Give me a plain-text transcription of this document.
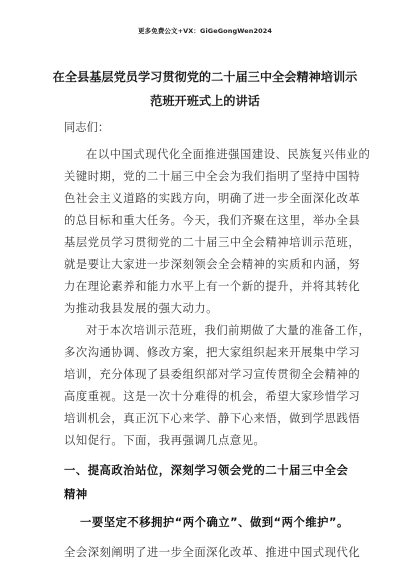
更多免费公文+VX：GiGeGongWen2024
在全县基层党员学习贯彻党的二十届三中全会精神培训示
范班开班式上的讲话
同志们：
在以中国式现代化全面推进强国建设、民族复兴伟业的
关键时期，党的二十届三中全会为我们指明了坚持中国特
色社会主义道路的实践方向，明确了进一步全面深化改革
的总目标和重大任务。今天，我们齐聚在这里，举办全县
基层党员学习贯彻党的二十届三中全会精神培训示范班，
就是要让大家进一步深刻领会全会精神的实质和内涵，努
力在理论素养和能力水平上有一个新的提升，并将其转化
为推动我县发展的强大动力。
对于本次培训示范班，我们前期做了大量的准备工作，
多次沟通协调、修改方案，把大家组织起来开展集中学习
培训，充分体现了县委组织部对学习宣传贯彻全会精神的
高度重视。这是一次十分难得的机会，希望大家珍惜学习
培训机会，真正沉下心来学、静下心来悟，做到学思践悟
以知促行。下面，我再强调几点意见。
一、提高政治站位，深刻学习领会党的二十届三中全会
精神
一要坚定不移拥护“两个确立”、做到“两个维护”。
全会深刻阐明了进一步全面深化改革、推进中国式现代化
